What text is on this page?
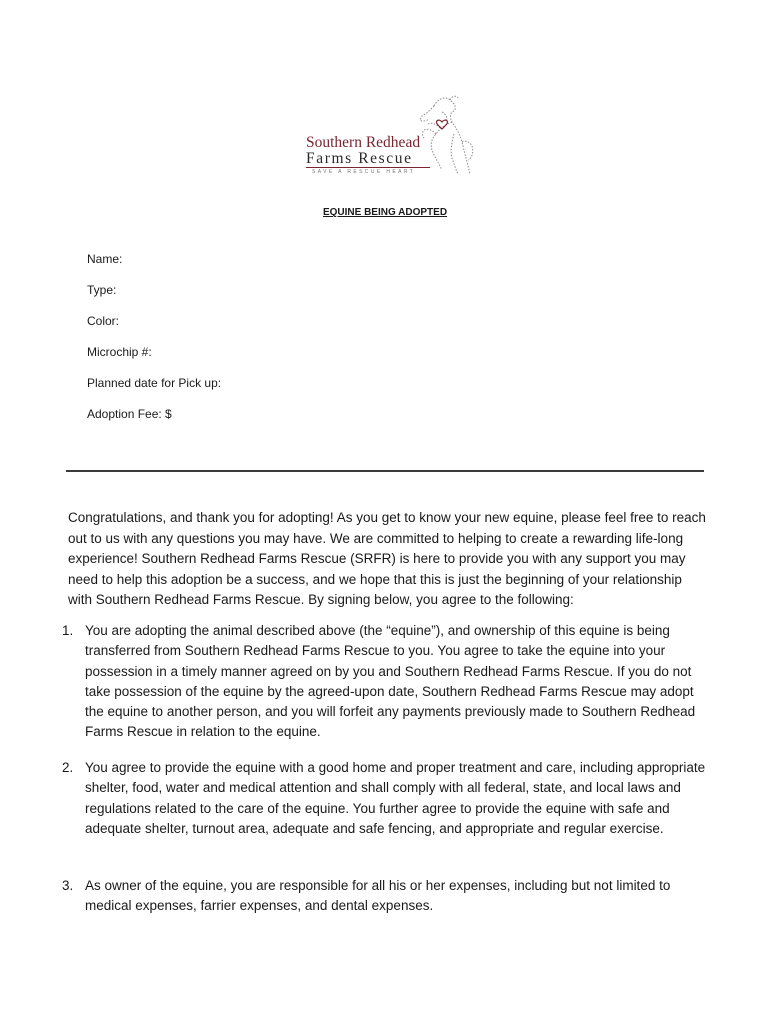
Southern Redhead
Farms Rescue
SAVE A RESCUE HEART
EQUINE BEING ADOPTED
Name:
Type:
Color:
Microchip #:
Planned date for Pick up:
Adoption Fee: $

Congratulations, and thank you for adopting! As you get to know your new equine, please feel free to reach out to us with any questions you may have. We are committed to helping to create a rewarding life-long experience! Southern Redhead Farms Rescue (SRFR) is here to provide you with any support you may need to help this adoption be a success, and we hope that this is just the beginning of your relationship with Southern Redhead Farms Rescue. By signing below, you agree to the following:

1. You are adopting the animal described above (the “equine”), and ownership of this equine is being transferred from Southern Redhead Farms Rescue to you. You agree to take the equine into your possession in a timely manner agreed on by you and Southern Redhead Farms Rescue. If you do not take possession of the equine by the agreed-upon date, Southern Redhead Farms Rescue may adopt the equine to another person, and you will forfeit any payments previously made to Southern Redhead Farms Rescue in relation to the equine.
2. You agree to provide the equine with a good home and proper treatment and care, including appropriate shelter, food, water and medical attention and shall comply with all federal, state, and local laws and regulations related to the care of the equine. You further agree to provide the equine with safe and adequate shelter, turnout area, adequate and safe fencing, and appropriate and regular exercise.
3. As owner of the equine, you are responsible for all his or her expenses, including but not limited to medical expenses, farrier expenses, and dental expenses.
